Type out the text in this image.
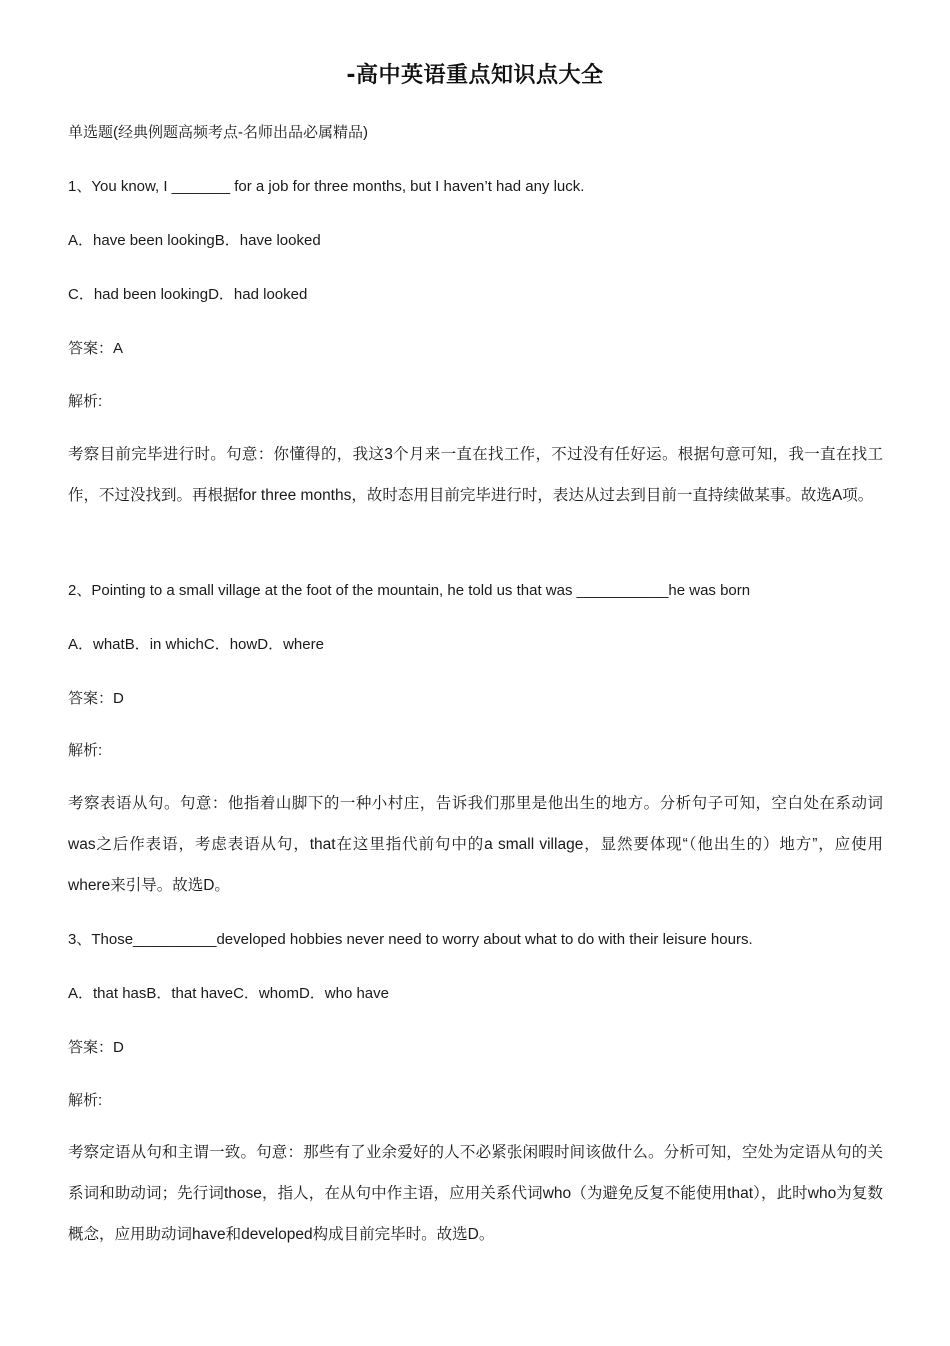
-高中英语重点知识点大全
单选题(经典例题高频考点-名师出品必属精品)
1、You know, I _______ for a job for three months, but I haven’t had any luck.
A．have been lookingB．have looked
C．had been lookingD．had looked
答案：A
解析:
考察目前完毕进行时。句意：你懂得的，我这3个月来一直在找工作，不过没有任好运。根据句意可知，我一直在找工作，不过没找到。再根据for three months，故时态用目前完毕进行时，表达从过去到目前一直持续做某事。故选A项。
2、Pointing to a small village at the foot of the mountain, he told us that was ___________he was born
A．whatB．in whichC．howD．where
答案：D
解析:
考察表语从句。句意：他指着山脚下的一种小村庄，告诉我们那里是他出生的地方。分析句子可知，空白处在系动词was之后作表语，考虑表语从句，that在这里指代前句中的a small village，显然要体现“（他出生的）地方”，应使用where来引导。故选D。
3、Those__________developed hobbies never need to worry about what to do with their leisure hours.
A．that hasB．that haveC．whomD．who have
答案：D
解析:
考察定语从句和主谓一致。句意：那些有了业余爱好的人不必紧张闲暇时间该做什么。分析可知，空处为定语从句的关系词和助动词；先行词those，指人，在从句中作主语，应用关系代词who（为避免反复不能使用that），此时who为复数概念，应用助动词have和developed构成目前完毕时。故选D。
